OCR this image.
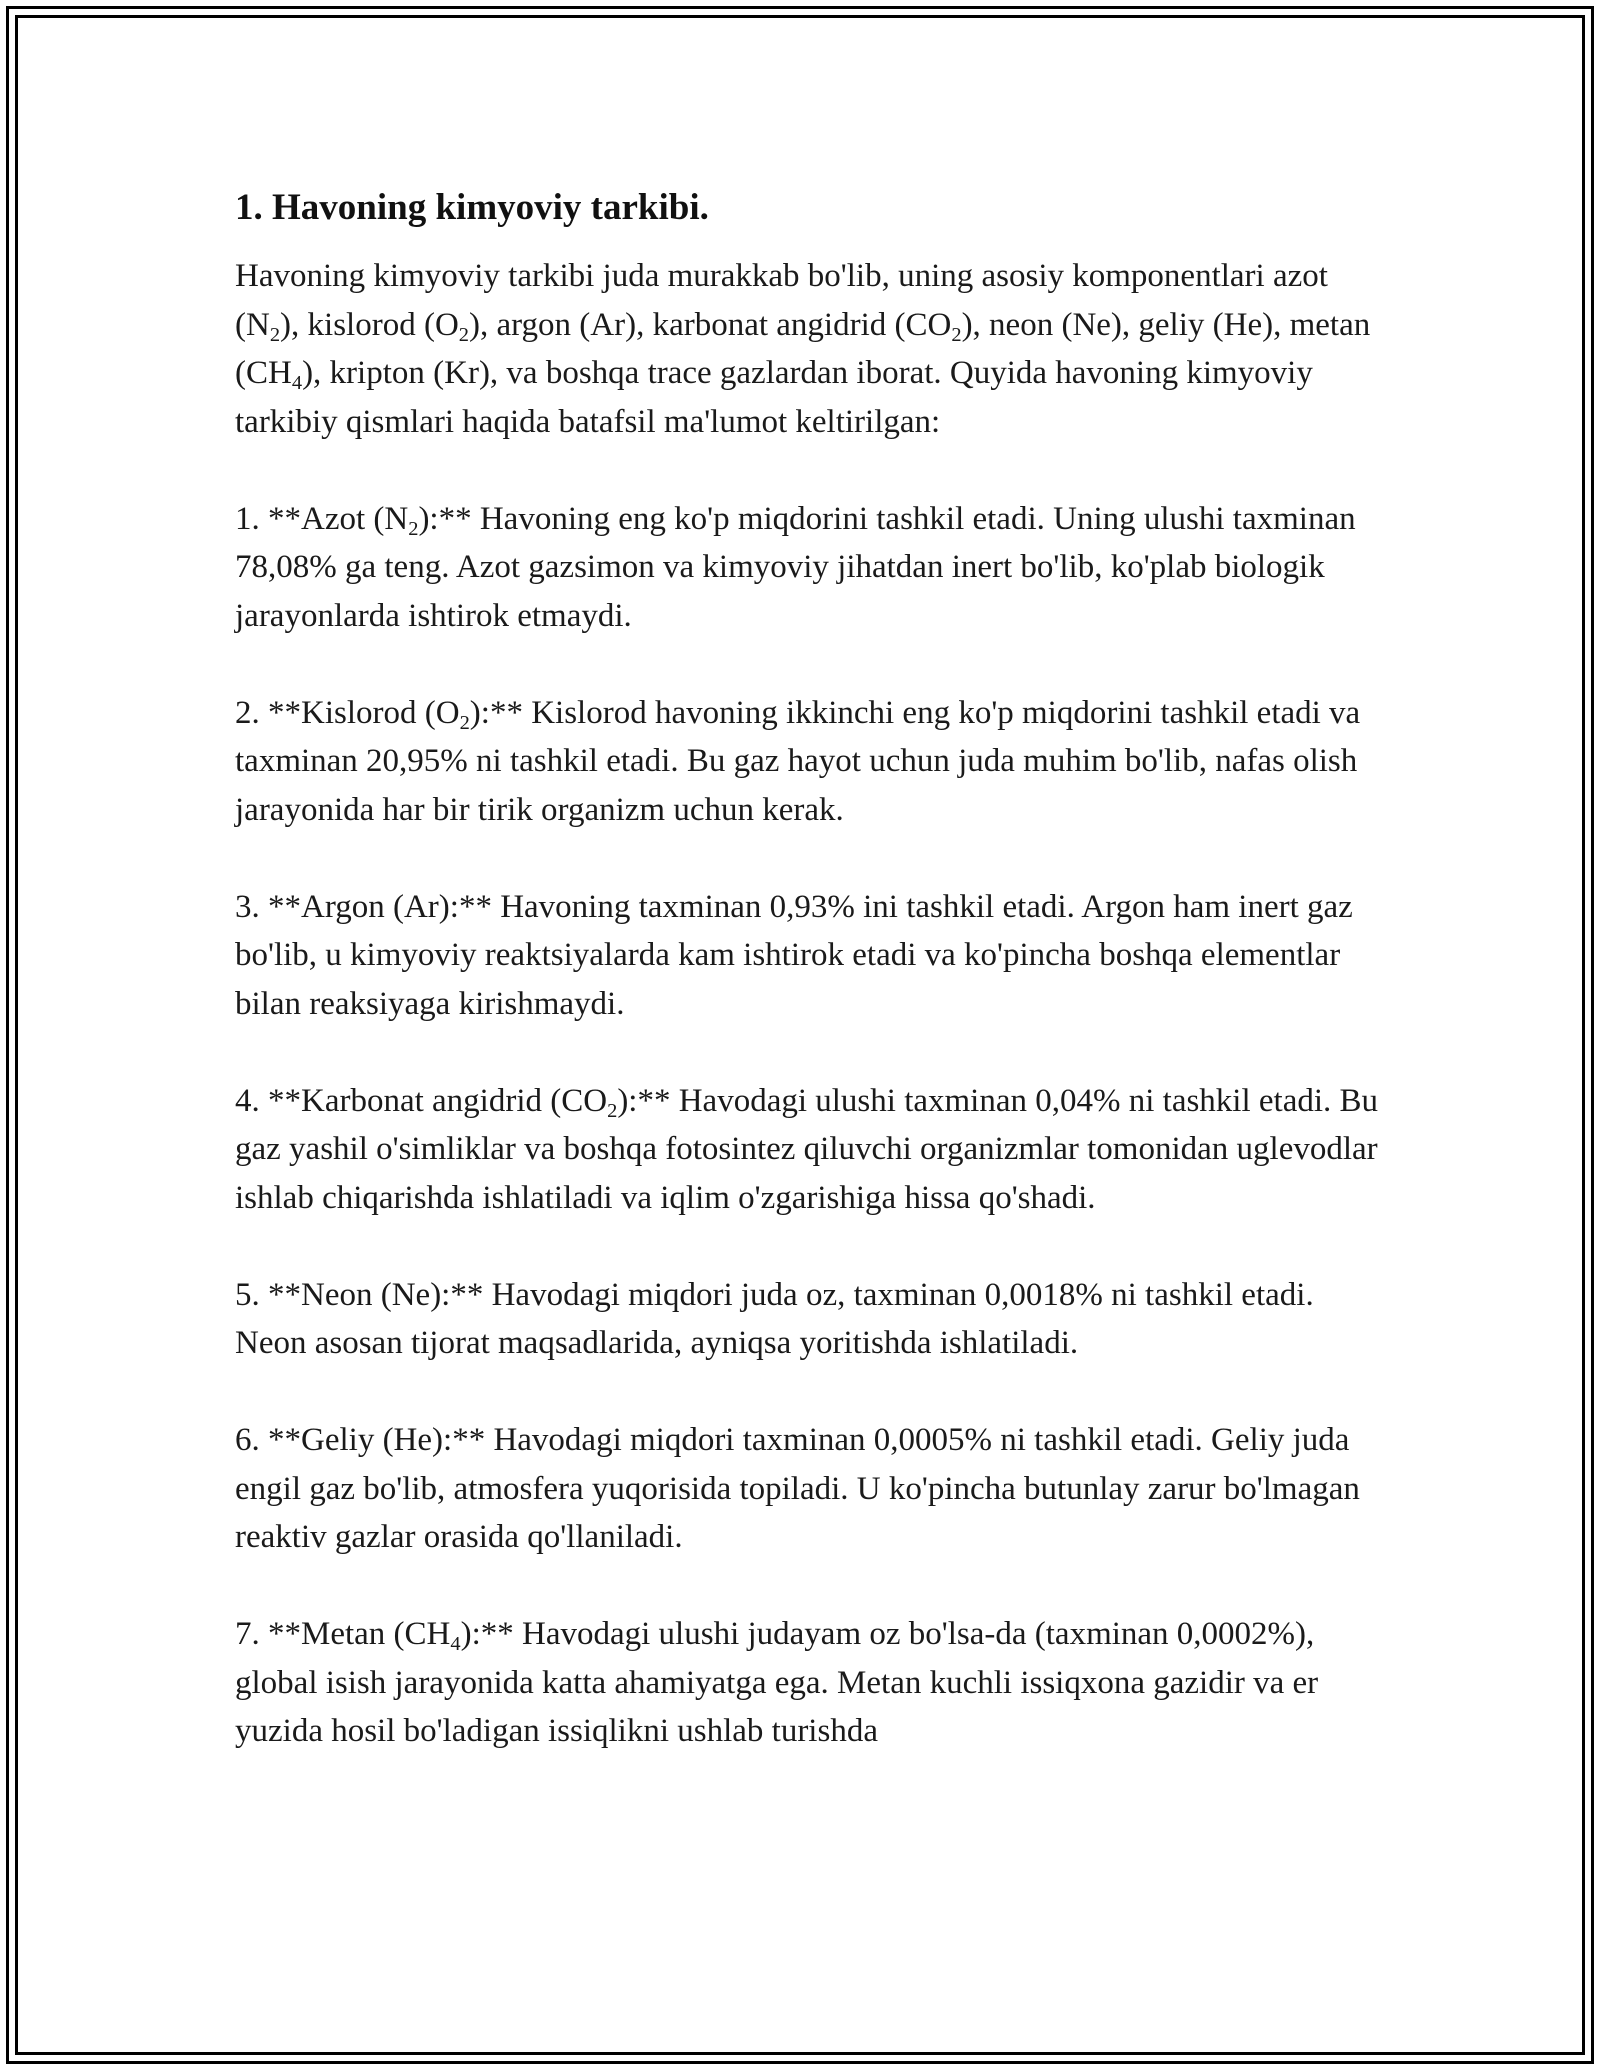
1. Havoning kimyoviy tarkibi.

Havoning kimyoviy tarkibi juda murakkab bo'lib, uning asosiy komponentlari azot $(N_2)$, kislorod $(O_2)$, argon (Ar), karbonat angidrid $(CO_2)$, neon (Ne), geliy (He), metan $(CH_4)$, kripton (Kr), va boshqa trace gazlardan iborat. Quyida havoning kimyoviy tarkibiy qismlari haqida batafsil ma'lumot keltirilgan:

1. **Azot $(N_2):**$ Havoning eng ko'p miqdorini tashkil etadi. Uning ulushi taxminan 78,08% ga teng. Azot gazsimon va kimyoviy jihatdan inert bo'lib, ko'plab biologik jarayonlarda ishtirok etmaydi.

2. **Kislorod $(O_2):**$ Kislorod havoning ikkinchi eng ko'p miqdorini tashkil etadi va taxminan 20,95% ni tashkil etadi. Bu gaz hayot uchun juda muhim bo'lib, nafas olish jarayonida har bir tirik organizm uchun kerak.

3. **Argon (Ar):** Havoning taxminan 0,93% ini tashkil etadi. Argon ham inert gaz bo'lib, u kimyoviy reaktsiyalarda kam ishtirok etadi va ko'pincha boshqa elementlar bilan reaksiyaga kirishmaydi.

4. **Karbonat angidrid $(CO_2):**$ Havodagi ulushi taxminan 0,04% ni tashkil etadi. Bu gaz yashil o'simliklar va boshqa fotosintez qiluvchi organizmlar tomonidan uglevodlar ishlab chiqarishda ishlatiladi va iqlim o'zgarishiga hissa qo'shadi.

5. **Neon (Ne):** Havodagi miqdori juda oz, taxminan 0,0018% ni tashkil etadi. Neon asosan tijorat maqsadlarida, ayniqsa yoritishda ishlatiladi.

6. **Geliy (He):** Havodagi miqdori taxminan 0,0005% ni tashkil etadi. Geliy juda engil gaz bo'lib, atmosfera yuqorisida topiladi. U ko'pincha butunlay zarur bo'lmagan reaktiv gazlar orasida qo'llaniladi.

7. **Metan $(CH_4):**$ Havodagi ulushi judayam oz bo'lsa-da (taxminan 0,0002%), global isish jarayonida katta ahamiyatga ega. Metan kuchli issiqxona gazidir va er yuzida hosil bo'ladigan issiqlikni ushlab turishda
